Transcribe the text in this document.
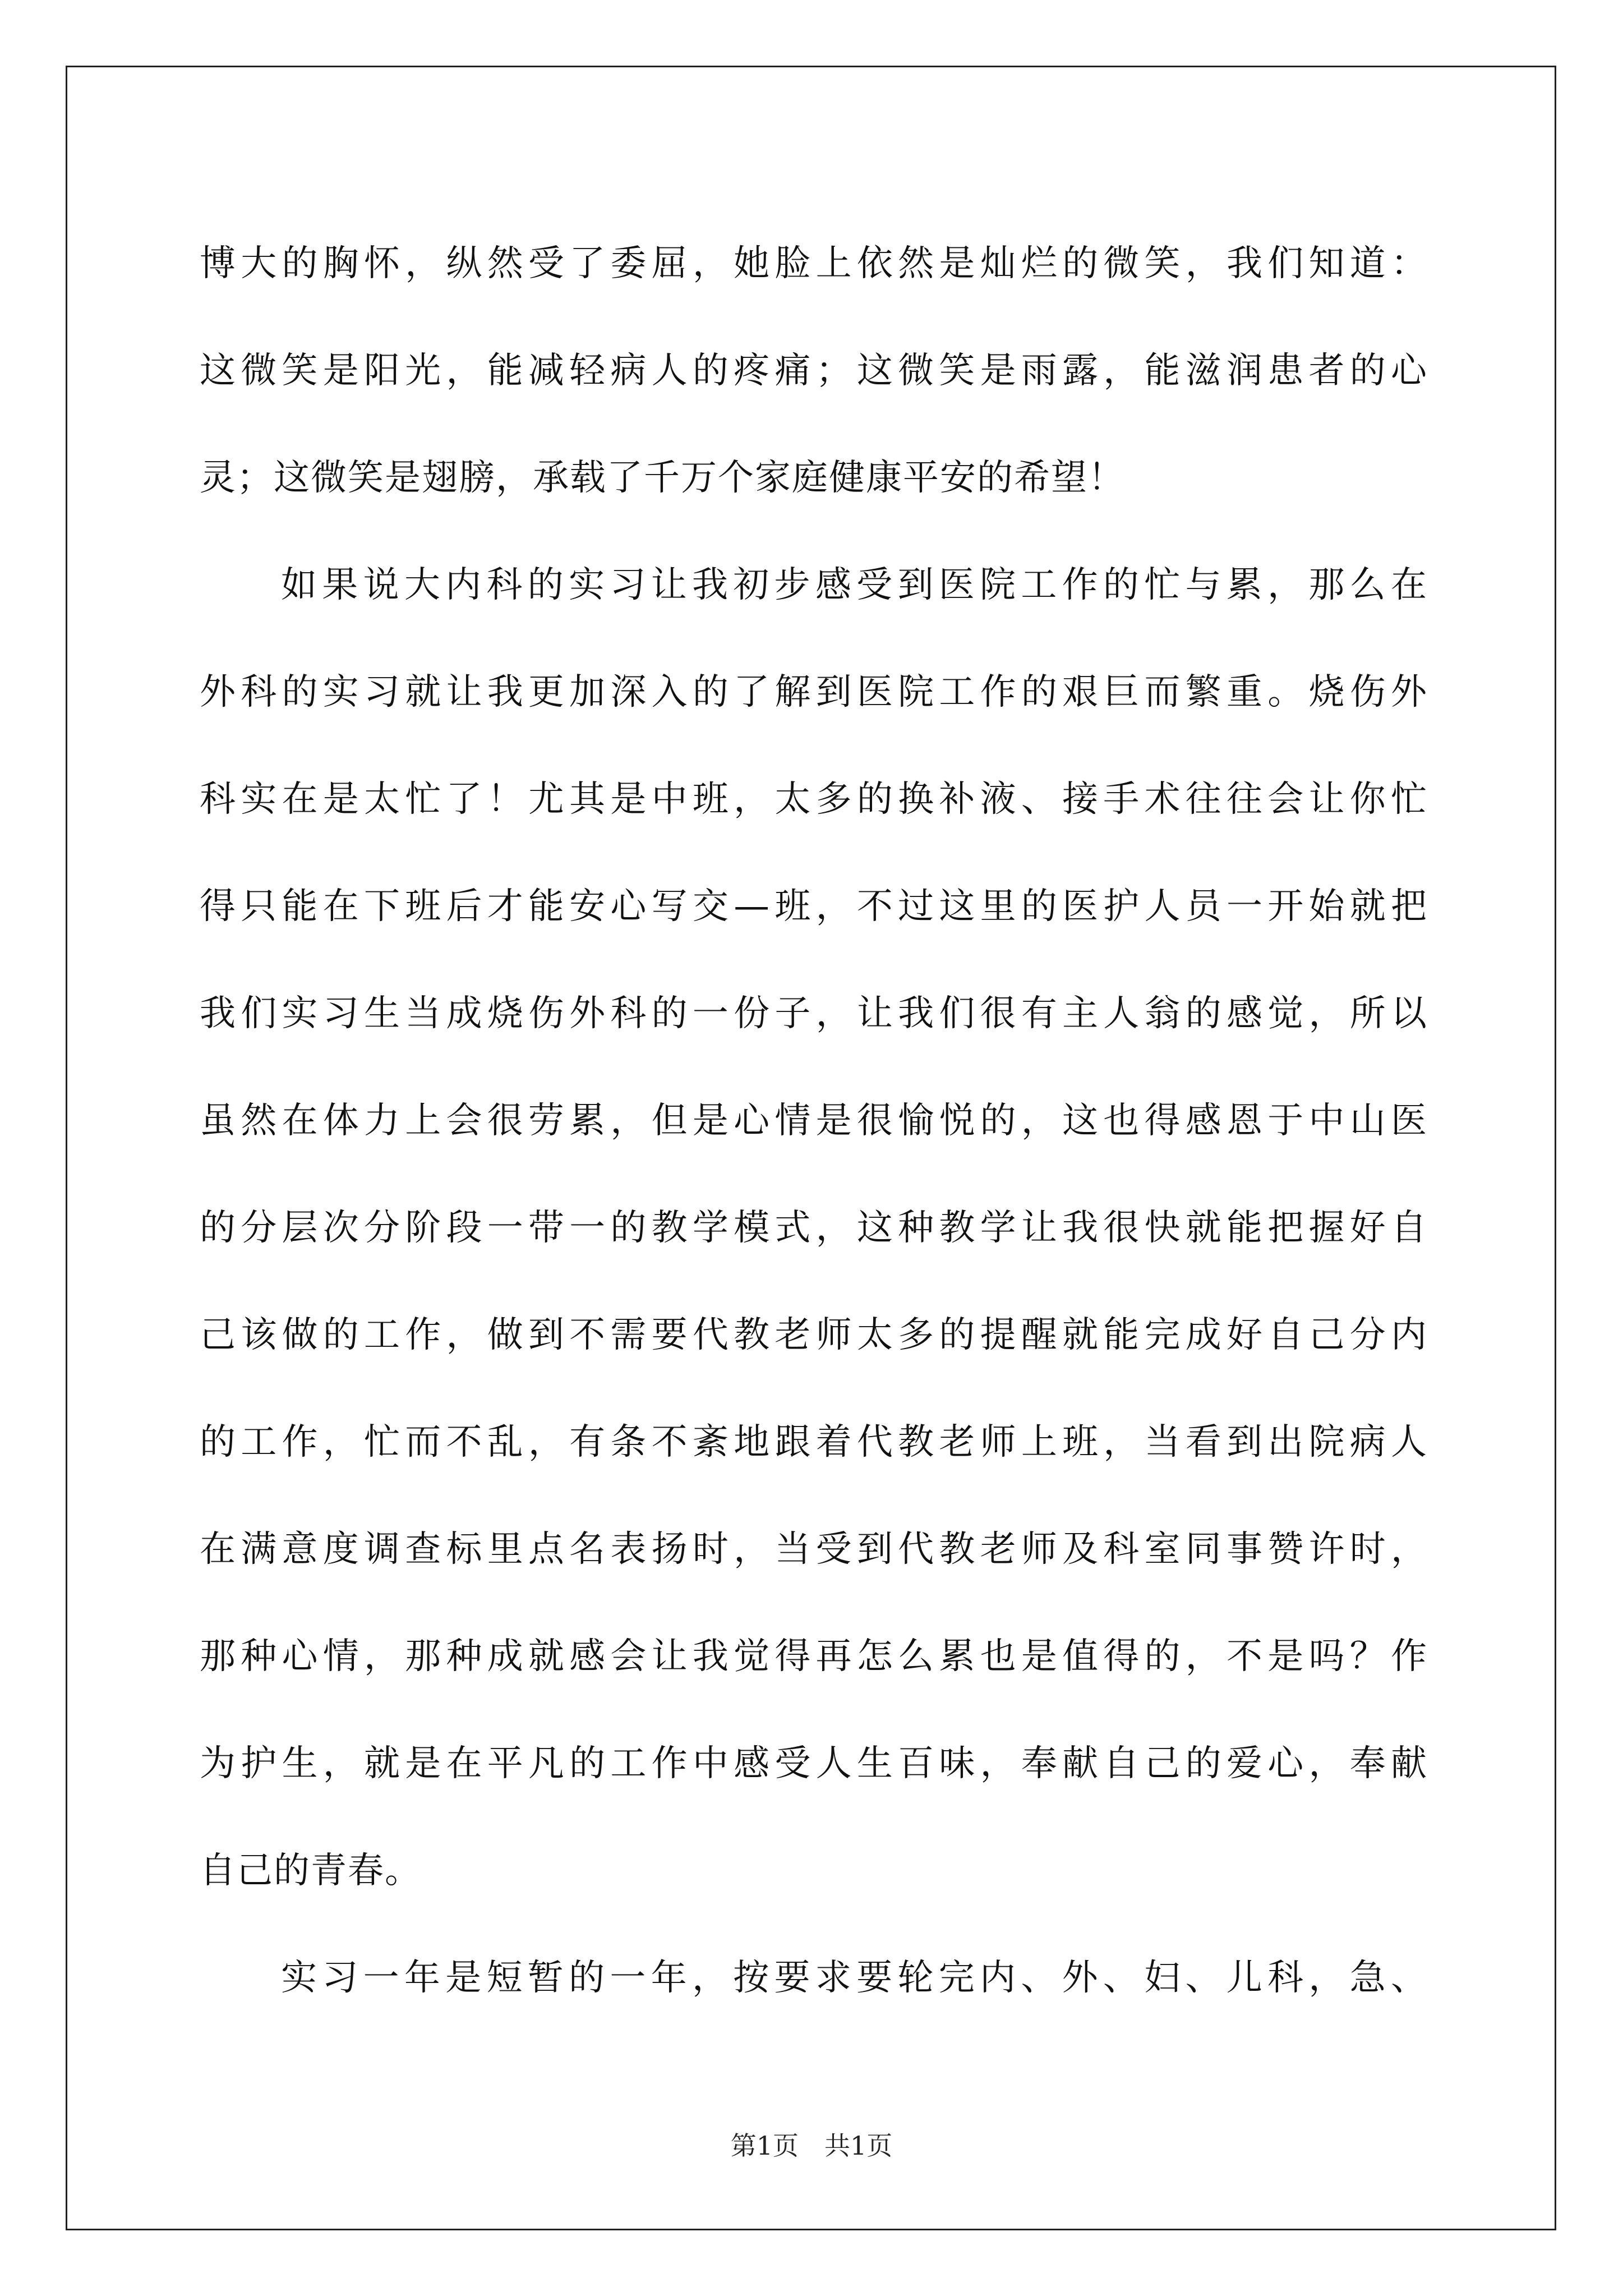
博大的胸怀，纵然受了委屈，她脸上依然是灿烂的微笑，我们知道：
这微笑是阳光，能减轻病人的疼痛；这微笑是雨露，能滋润患者的心
灵；这微笑是翅膀，承载了千万个家庭健康平安的希望！
如果说大内科的实习让我初步感受到医院工作的忙与累，那么在
外科的实习就让我更加深入的了解到医院工作的艰巨而繁重。烧伤外
科实在是太忙了！尤其是中班，太多的换补液、接手术往往会让你忙
得只能在下班后才能安心写交—班，不过这里的医护人员一开始就把
我们实习生当成烧伤外科的一份子，让我们很有主人翁的感觉，所以
虽然在体力上会很劳累，但是心情是很愉悦的，这也得感恩于中山医
的分层次分阶段一带一的教学模式，这种教学让我很快就能把握好自
己该做的工作，做到不需要代教老师太多的提醒就能完成好自己分内
的工作，忙而不乱，有条不紊地跟着代教老师上班，当看到出院病人
在满意度调查标里点名表扬时，当受到代教老师及科室同事赞许时，
那种心情，那种成就感会让我觉得再怎么累也是值得的，不是吗？作
为护生，就是在平凡的工作中感受人生百味，奉献自己的爱心，奉献
自己的青春。
实习一年是短暂的一年，按要求要轮完内、外、妇、儿科，急、
第1页　共1页
